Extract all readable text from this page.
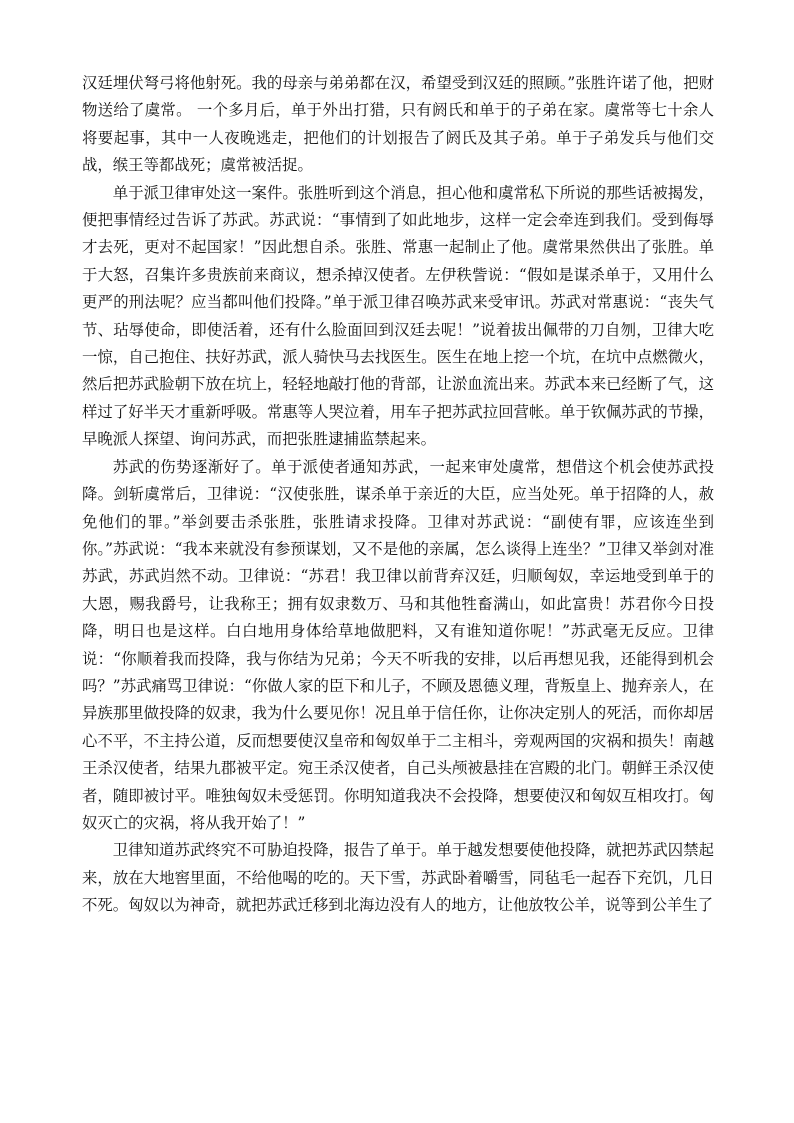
汉廷埋伏弩弓将他射死。我的母亲与弟弟都在汉，希望受到汉廷的照顾。”张胜许诺了他，把财物送给了虞常。 一个多月后，单于外出打猎，只有阏氏和单于的子弟在家。虞常等七十余人将要起事，其中一人夜晚逃走，把他们的计划报告了阏氏及其子弟。单于子弟发兵与他们交战，缑王等都战死；虞常被活捉。

单于派卫律审处这一案件。张胜听到这个消息，担心他和虞常私下所说的那些话被揭发，便把事情经过告诉了苏武。苏武说：“事情到了如此地步，这样一定会牵连到我们。受到侮辱才去死，更对不起国家！”因此想自杀。张胜、常惠一起制止了他。虞常果然供出了张胜。单于大怒，召集许多贵族前来商议，想杀掉汉使者。左伊秩訾说：“假如是谋杀单于，又用什么更严的刑法呢？应当都叫他们投降。”单于派卫律召唤苏武来受审讯。苏武对常惠说：“丧失气节、玷辱使命，即使活着，还有什么脸面回到汉廷去呢！”说着拔出佩带的刀自刎，卫律大吃一惊，自己抱住、扶好苏武，派人骑快马去找医生。医生在地上挖一个坑，在坑中点燃微火，然后把苏武脸朝下放在坑上，轻轻地敲打他的背部，让淤血流出来。苏武本来已经断了气，这样过了好半天才重新呼吸。常惠等人哭泣着，用车子把苏武拉回营帐。单于钦佩苏武的节操，早晚派人探望、询问苏武，而把张胜逮捕监禁起来。

苏武的伤势逐渐好了。单于派使者通知苏武，一起来审处虞常，想借这个机会使苏武投降。剑斩虞常后，卫律说：“汉使张胜，谋杀单于亲近的大臣，应当处死。单于招降的人，赦免他们的罪。”举剑要击杀张胜，张胜请求投降。卫律对苏武说：“副使有罪，应该连坐到你。”苏武说：“我本来就没有参预谋划，又不是他的亲属，怎么谈得上连坐？”卫律又举剑对准苏武，苏武岿然不动。卫律说：“苏君！我卫律以前背弃汉廷，归顺匈奴，幸运地受到单于的大恩，赐我爵号，让我称王；拥有奴隶数万、马和其他牲畜满山，如此富贵！苏君你今日投降，明日也是这样。白白地用身体给草地做肥料，又有谁知道你呢！”苏武毫无反应。卫律说：“你顺着我而投降，我与你结为兄弟；今天不听我的安排，以后再想见我，还能得到机会吗？”苏武痛骂卫律说：“你做人家的臣下和儿子，不顾及恩德义理，背叛皇上、抛弃亲人，在异族那里做投降的奴隶，我为什么要见你！况且单于信任你，让你决定别人的死活，而你却居心不平，不主持公道，反而想要使汉皇帝和匈奴单于二主相斗，旁观两国的灾祸和损失！南越王杀汉使者，结果九郡被平定。宛王杀汉使者，自己头颅被悬挂在宫殿的北门。朝鲜王杀汉使者，随即被讨平。唯独匈奴未受惩罚。你明知道我决不会投降，想要使汉和匈奴互相攻打。匈奴灭亡的灾祸，将从我开始了！”

卫律知道苏武终究不可胁迫投降，报告了单于。单于越发想要使他投降，就把苏武囚禁起来，放在大地窖里面，不给他喝的吃的。天下雪，苏武卧着嚼雪，同毡毛一起吞下充饥，几日不死。匈奴以为神奇，就把苏武迁移到北海边没有人的地方，让他放牧公羊，说等到公羊生了
